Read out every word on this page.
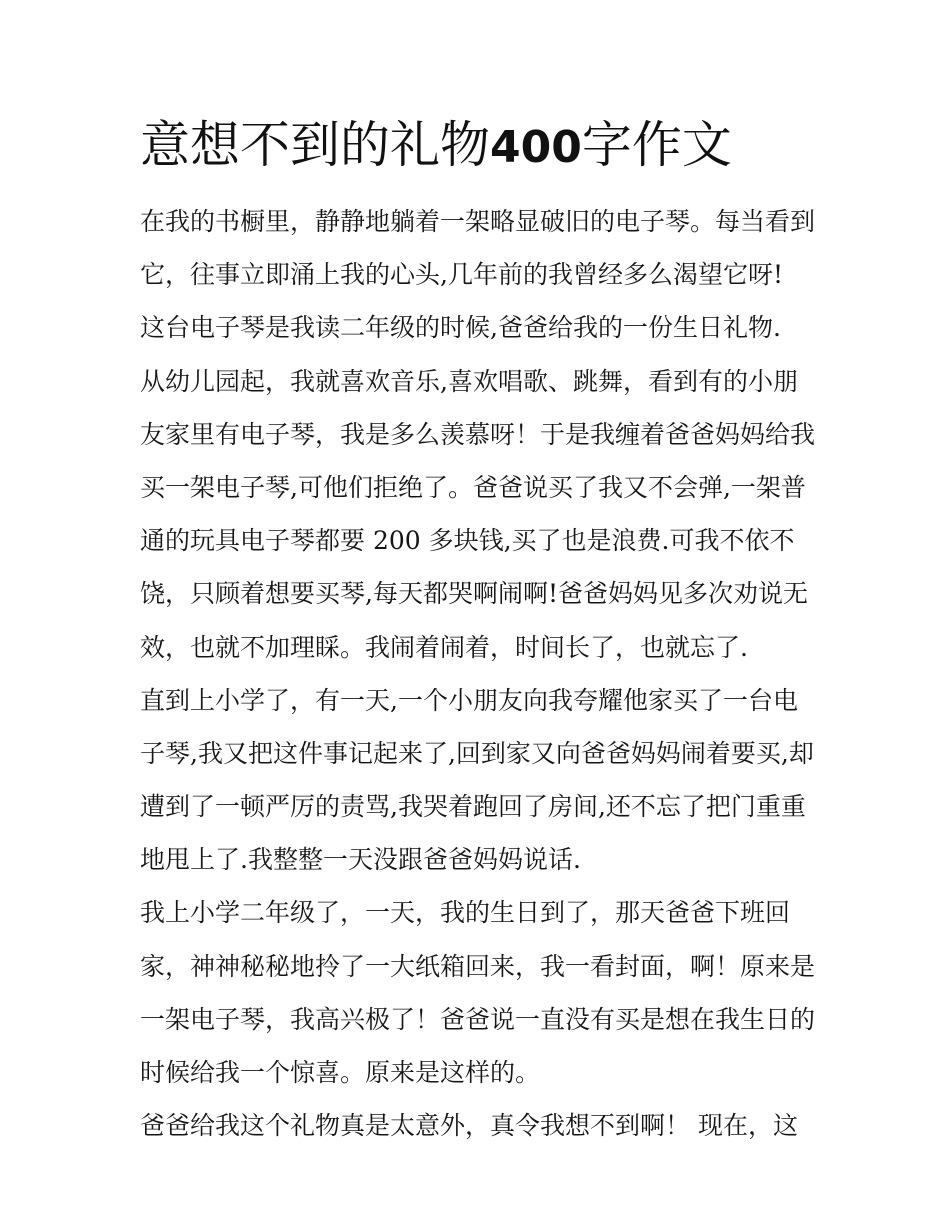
意想不到的礼物400字作文
在我的书橱里，静静地躺着一架略显破旧的电子琴。每当看到
它，往事立即涌上我的心头,几年前的我曾经多么渴望它呀!
这台电子琴是我读二年级的时候,爸爸给我的一份生日礼物.
从幼儿园起，我就喜欢音乐,喜欢唱歌、跳舞，看到有的小朋
友家里有电子琴，我是多么羡慕呀！于是我缠着爸爸妈妈给我
买一架电子琴,可他们拒绝了。爸爸说买了我又不会弹,一架普
通的玩具电子琴都要 200 多块钱,买了也是浪费.可我不依不
饶，只顾着想要买琴,每天都哭啊闹啊!爸爸妈妈见多次劝说无
效，也就不加理睬。我闹着闹着，时间长了，也就忘了.
直到上小学了，有一天,一个小朋友向我夸耀他家买了一台电
子琴,我又把这件事记起来了,回到家又向爸爸妈妈闹着要买,却
遭到了一顿严厉的责骂,我哭着跑回了房间,还不忘了把门重重
地甩上了.我整整一天没跟爸爸妈妈说话.
我上小学二年级了，一天，我的生日到了，那天爸爸下班回
家，神神秘秘地拎了一大纸箱回来，我一看封面，啊！原来是
一架电子琴，我高兴极了！爸爸说一直没有买是想在我生日的
时候给我一个惊喜。原来是这样的。
爸爸给我这个礼物真是太意外，真令我想不到啊！ 现在，这
